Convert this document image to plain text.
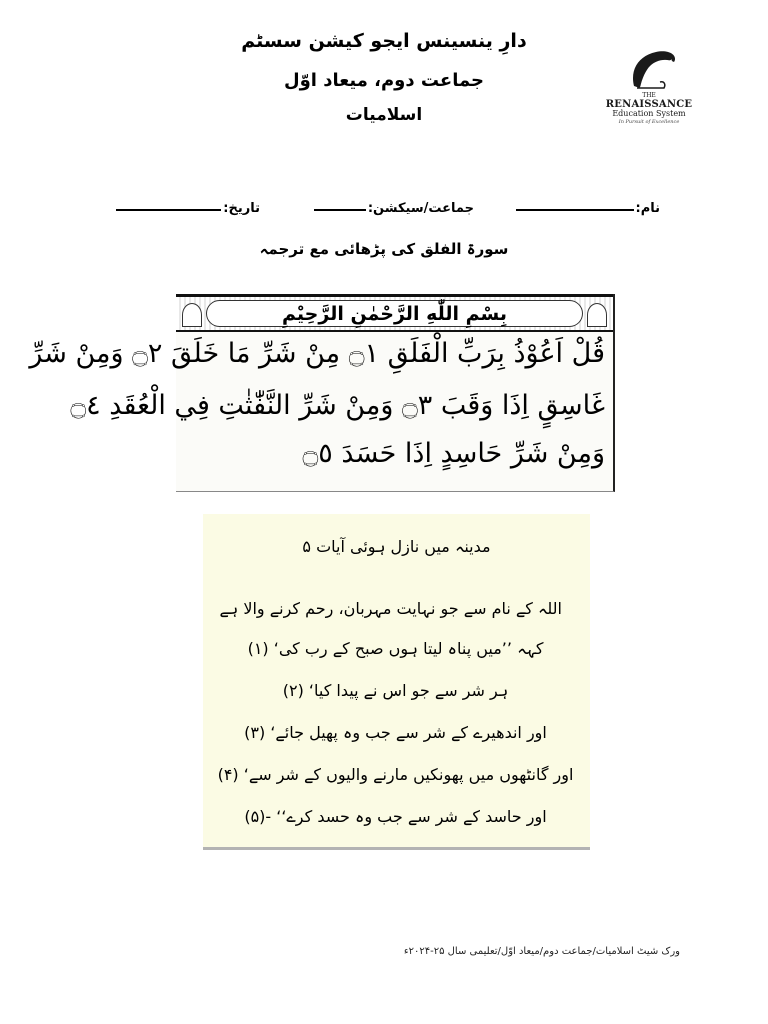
دارِ ینسینس ایجو کیشن سسٹم
جماعت دوم، میعاد اوّل
اسلامیات
THE
RENAISSANCE
Education System
In Pursuit of Excellence
نام:
جماعت/سیکشن:
تاریخ:
سورۃ الفلق کی پڑھائی مع ترجمہ
بِسْمِ اللّٰهِ الرَّحْمٰنِ الرَّحِيْمِ
قُلْ اَعُوْذُ بِرَبِّ الْفَلَقِ ۝١ مِنْ شَرِّ مَا خَلَقَ ۝٢ وَمِنْ شَرِّ
غَاسِقٍ اِذَا وَقَبَ ۝٣ وَمِنْ شَرِّ النَّفّٰثٰتِ فِي الْعُقَدِ ۝٤
وَمِنْ شَرِّ حَاسِدٍ اِذَا حَسَدَ ۝٥
مدینہ میں نازل ہوئی آیات ۵
اللہ کے نام سے جو نہایت مہربان، رحم کرنے والا ہے
کہہ ’’میں پناہ لیتا ہوں صبح کے رب کی‘ (۱)
ہر شر سے جو اس نے پیدا کیا‘ (۲)
اور اندھیرے کے شر سے جب وہ پھیل جائے‘ (۳)
اور گانٹھوں میں پھونکیں مارنے والیوں کے شر سے‘ (۴)
اور حاسد کے شر سے جب وہ حسد کرے‘‘ -(۵)
ورک شیٹ اسلامیات/جماعت دوم/میعاد اوّل/تعلیمی سال ۲۵-۲۰۲۴ء
